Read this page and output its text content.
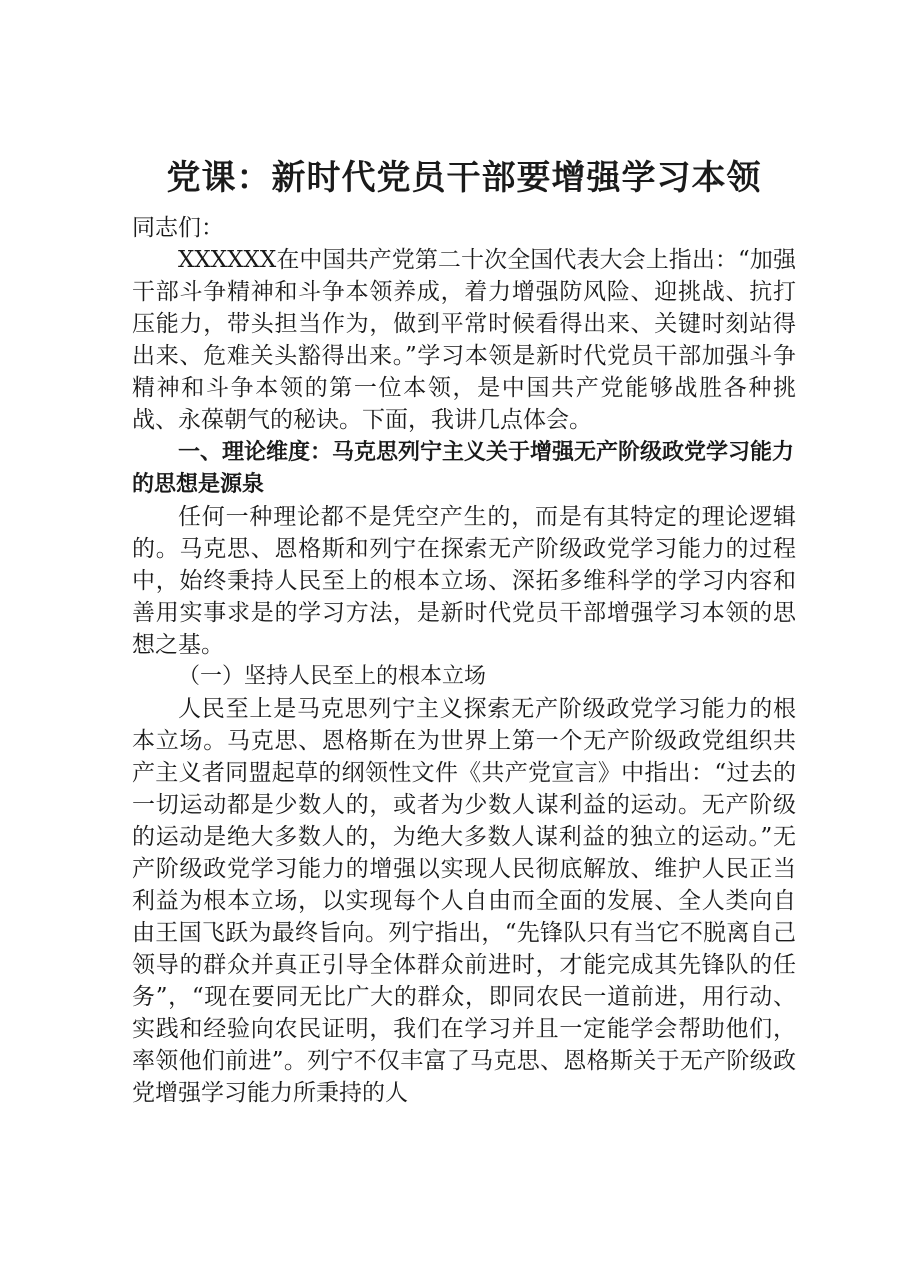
党课：新时代党员干部要增强学习本领

同志们：

XXXXXX在中国共产党第二十次全国代表大会上指出：“加强干部斗争精神和斗争本领养成，着力增强防风险、迎挑战、抗打压能力，带头担当作为，做到平常时候看得出来、关键时刻站得出来、危难关头豁得出来。”学习本领是新时代党员干部加强斗争精神和斗争本领的第一位本领，是中国共产党能够战胜各种挑战、永葆朝气的秘诀。下面，我讲几点体会。

一、理论维度：马克思列宁主义关于增强无产阶级政党学习能力的思想是源泉

任何一种理论都不是凭空产生的，而是有其特定的理论逻辑的。马克思、恩格斯和列宁在探索无产阶级政党学习能力的过程中，始终秉持人民至上的根本立场、深拓多维科学的学习内容和善用实事求是的学习方法，是新时代党员干部增强学习本领的思想之基。

（一）坚持人民至上的根本立场

人民至上是马克思列宁主义探索无产阶级政党学习能力的根本立场。马克思、恩格斯在为世界上第一个无产阶级政党组织共产主义者同盟起草的纲领性文件《共产党宣言》中指出：“过去的一切运动都是少数人的，或者为少数人谋利益的运动。无产阶级的运动是绝大多数人的，为绝大多数人谋利益的独立的运动。”无产阶级政党学习能力的增强以实现人民彻底解放、维护人民正当利益为根本立场，以实现每个人自由而全面的发展、全人类向自由王国飞跃为最终旨向。列宁指出，“先锋队只有当它不脱离自己领导的群众并真正引导全体群众前进时，才能完成其先锋队的任务”，“现在要同无比广大的群众，即同农民一道前进，用行动、实践和经验向农民证明，我们在学习并且一定能学会帮助他们，率领他们前进”。列宁不仅丰富了马克思、恩格斯关于无产阶级政党增强学习能力所秉持的人
